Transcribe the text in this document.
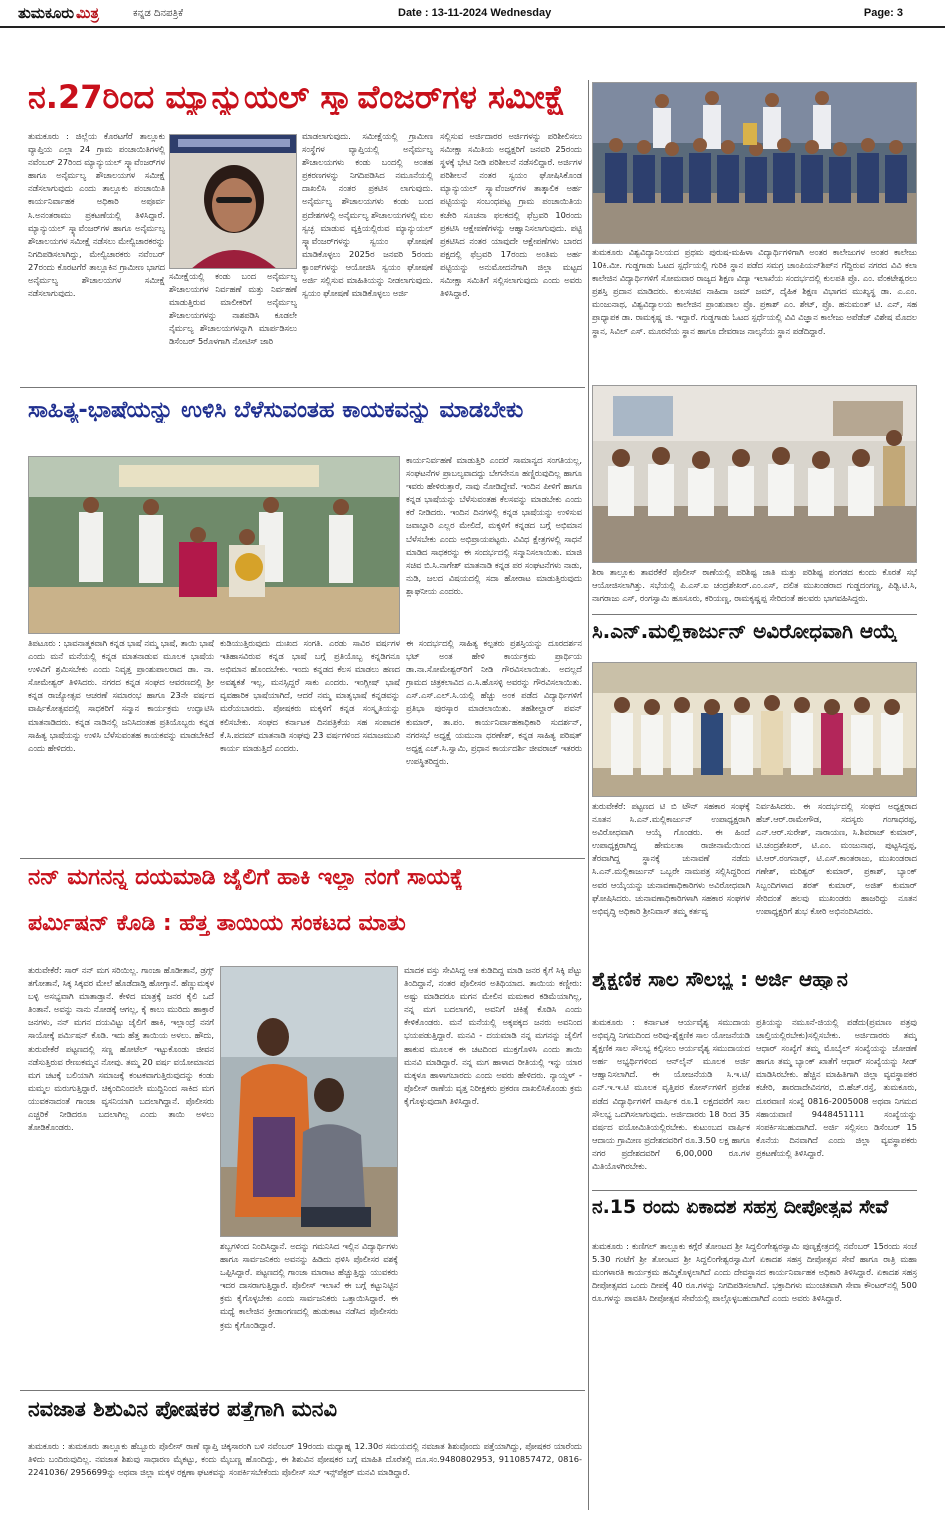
ತುಮಕೂರು ಮಿತ್ರ	ಕನ್ನಡ ದಿನಪತ್ರಿಕೆ	Date : 13-11-2024 Wednesday	Page: 3
ನ.27ರಿಂದ ಮ್ಯಾನ್ಯುಯಲ್ ಸ್ಕ್ಯಾವೆಂಜರ್‌ಗಳ ಸಮೀಕ್ಷೆ
ತುಮಕೂರು : ಜಿಲ್ಲೆಯ ಕೊರಟಗೆರೆ ತಾಲ್ಲೂಕು ವ್ಯಾಪ್ತಿಯ ಎಲ್ಲಾ 24 ಗ್ರಾಮ ಪಂಚಾಯಿತಿಗಳಲ್ಲಿ ನವೆಂಬರ್ 27ರಿಂದ ಮ್ಯಾನ್ಯುಯಲ್ ಸ್ಕ್ಯಾವೆಂಜರ್‌ಗಳ ಹಾಗೂ ಅನೈರ್ಮಲ್ಯ ಶೌಚಾಲಯಗಳ ಸಮೀಕ್ಷೆ ನಡೆಸಲಾಗುವುದು ಎಂದು ತಾಲ್ಲೂಕು ಪಂಚಾಯಿತಿ ಕಾರ್ಯನಿರ್ವಾಹಕ ಅಧಿಕಾರಿ ಅಪೂರ್ವ ಸಿ.ಅನಂತರಾಮು ಪ್ರಕಟಣೆಯಲ್ಲಿ ತಿಳಿಸಿದ್ದಾರೆ. ಮ್ಯಾನ್ಯುಯಲ್ ಸ್ಕ್ಯಾವೆಂಜರ್‌ಗಳ ಹಾಗೂ ಅನೈರ್ಮಲ್ಯ ಶೌಚಾಲಯಗಳ ಸಮೀಕ್ಷೆ ನಡೆಸಲು ಮೇಲ್ವಿಚಾರಕರನ್ನು ನಿಗದಿಪಡಿಸಲಾಗಿದ್ದು, ಮೇಲ್ವಿಚಾರಕರು ನವೆಂಬರ್ 27ರಂದು ಕೊರಟಗೆರೆ ತಾಲ್ಲೂಕಿನ ಗ್ರಾಮೀಣ ಭಾಗದ ಅನೈರ್ಮಲ್ಯ ಶೌಚಾಲಯಗಳ ಸಮೀಕ್ಷೆ ನಡೆಸಲಾಗುವುದು.
ಸಮೀಕ್ಷೆಯಲ್ಲಿ ಕಂಡು ಬಂದ ಅನೈರ್ಮಲ್ಯ ಶೌಚಾಲಯಗಳ ನಿರ್ವಹಣೆ ಮತ್ತು ನಿರ್ವಹಣೆ ಮಾಡುತ್ತಿರುವ ಮಾಲೀಕರಿಗೆ ಅನೈರ್ಮಲ್ಯ ಶೌಚಾಲಯಗಳನ್ನು ನಾಶಪಡಿಸಿ ಕೂಡಲೇ ನೈರ್ಮಲ್ಯ ಶೌಚಾಲಯಗಳನ್ನಾಗಿ ಮಾರ್ಪಡಿಸಲು ಡಿಸೆಂಬರ್ 5ರೊಳಗಾಗಿ ನೋಟಿಸ್ ಜಾರಿ
ಮಾಡಲಾಗುವುದು. ಸಮೀಕ್ಷೆಯಲ್ಲಿ ಗ್ರಾಮೀಣ ಸಂಸ್ಥೆಗಳ ವ್ಯಾಪ್ತಿಯಲ್ಲಿ ಅನೈರ್ಮಲ್ಯ ಶೌಚಾಲಯಗಳು ಕಂಡು ಬಂದಲ್ಲಿ ಅಂತಹ ಪ್ರಕರಣಗಳನ್ನು ನಿಗದಿಪಡಿಸಿದ ನಮೂನೆಯಲ್ಲಿ ದಾಖಲಿಸಿ ನಂತರ ಪ್ರಕಟಿಸ ಲಾಗುವುದು. ಅನೈರ್ಮಲ್ಯ ಶೌಚಾಲಯಗಳು ಕಂಡು ಬಂದ ಪ್ರದೇಶಗಳಲ್ಲಿ ಅನೈರ್ಮಲ್ಯ ಶೌಚಾಲಯಗಳಲ್ಲಿ ಮಲ ಸ್ವಚ್ಛ ಮಾಡುವ ವ್ಯಕ್ತಿಯಲ್ಲಿರುವ ಮ್ಯಾನ್ಯುಯಲ್ ಸ್ಕ್ಯಾವೆಂಜರ್‌ಗಳನ್ನು ಸ್ವಯಂ ಘೋಷಣೆ ಮಾಡಿಕೊಳ್ಳಲು 2025ರ ಜನವರಿ 5ರಂದು ಕ್ಯಾಂಪ್‌ಗಳನ್ನು ಆಯೋಜಿಸಿ ಸ್ವಯಂ ಘೋಷಣೆ ಅರ್ಜಿ ಸಲ್ಲಿಸುವ ಮಾಹಿತಿಯನ್ನು ನೀಡಲಾಗುವುದು. ಸ್ವಯಂ ಘೋಷಣೆ ಮಾಡಿಕೊಳ್ಳಲು ಅರ್ಜಿ
ಸಲ್ಲಿಸುವ ಅರ್ಜಿದಾರರ ಅರ್ಜಿಗಳನ್ನು ಪರಿಶೀಲಿಸಲು ಸಮೀಕ್ಷಾ ಸಮಿತಿಯ ಅಧ್ಯಕ್ಷರಿಗೆ ಜನವರಿ 25ರಂದು ಸ್ಥಳಕ್ಕೆ ಭೇಟಿ ನೀಡಿ ಪರಿಶೀಲನೆ ನಡೆಸಲಿದ್ದಾರೆ. ಅರ್ಜಿಗಳ ಪರಿಶೀಲನೆ ನಂತರ ಸ್ವಯಂ ಘೋಷಿಸಿಕೊಂಡ ಮ್ಯಾನ್ಯುಯಲ್ ಸ್ಕ್ಯಾವೆಂಜರ್‌ಗಳ ತಾತ್ಕಾಲಿಕ ಅರ್ಹ ಪಟ್ಟಿಯನ್ನು ಸಂಬಂಧಪಟ್ಟ ಗ್ರಾಮ ಪಂಚಾಯಿತಿಯ ಕಚೇರಿ ಸೂಚನಾ ಫಲಕದಲ್ಲಿ ಫೆಬ್ರವರಿ 10ರಂದು ಪ್ರಕಟಿಸಿ ಆಕ್ಷೇಪಣೆಗಳನ್ನು ಆಹ್ವಾನಿಸಲಾಗುವುದು. ಪಟ್ಟಿ ಪ್ರಕಟಿಸಿದ ನಂತರ ಯಾವುದೇ ಆಕ್ಷೇಪಣೆಗಳು ಬಾರದ ಪಕ್ಷದಲ್ಲಿ ಫೆಬ್ರವರಿ 17ರಂದು ಅಂತಿಮ ಅರ್ಹ ಪಟ್ಟಿಯನ್ನು ಅನುಮೋದನೆಗಾಗಿ ಜಿಲ್ಲಾ ಮಟ್ಟದ ಸಮೀಕ್ಷಾ ಸಮಿತಿಗೆ ಸಲ್ಲಿಸಲಾಗುವುದು ಎಂದು ಅವರು ತಿಳಿಸಿದ್ದಾರೆ.
ತುಮಕೂರು ವಿಶ್ವವಿದ್ಯಾನಿಲಯದ ಪ್ರಥಮ ಪುರುಷ-ಮಹಿಳಾ ವಿದ್ಯಾರ್ಥಿಗಳಿಗಾಗಿ ಅಂತರ ಕಾಲೇಜುಗಳ ಅಂತರ ಕಾಲೇಜು 10ಕಿ.ಮೀ. ಗುಡ್ಡಗಾಡು ಓಟದ ಸ್ಪರ್ಧೆಯಲ್ಲಿ ಗುರಿಕಿ ಸ್ಥಾನ ಪಡೆದ ಸಮಗ್ರ ಚಾಂಪಿಯನ್‌ಶಿಪ್‌ನ ಗೆದ್ದಿರುವ ನಗರದ ವಿವಿ ಕಲಾ ಕಾಲೇಜಿನ ವಿದ್ಯಾರ್ಥಿಗಳಿಗೆ ಸೋಮವಾರ ರಾಜ್ಯದ ಶಿಕ್ಷಣ ವಿದ್ಯಾ ಇಲಾಖೆಯ ಸಂದರ್ಭದಲ್ಲಿ ಕುಲಪತಿ ಪ್ರೊ. ಎಂ. ವೆಂಕಟೇಶ್ವರಲು ಪ್ರಶಸ್ತಿ ಪ್ರದಾನ ಮಾಡಿದರು. ಕುಲಸಚಿವ ನಾಹಿದಾ ಜಮ್ ಜಮ್, ದೈಹಿಕ ಶಿಕ್ಷಣ ವಿಭಾಗದ ಮುಖ್ಯಸ್ಥ ಡಾ. ಎ.ಎಂ. ಮಂಜುನಾಥ, ವಿಶ್ವವಿದ್ಯಾಲಯ ಕಾಲೇಜಿನ ಪ್ರಾಂಶುಪಾಲ ಪ್ರೊ. ಪ್ರಕಾಶ್ ಎಂ. ಶೇಟ್, ಪ್ರೊ. ಹನುಮಂತ್ ಟಿ. ಎನ್, ಸಹ ಪ್ರಾಧ್ಯಾಪಕ ಡಾ. ರಾಮಕೃಷ್ಣ ಜಿ. ಇದ್ದಾರೆ. ಗುಡ್ಡಗಾಡು ಓಟದ ಸ್ಪರ್ಧೆಯಲ್ಲಿ ವಿವಿ ವಿಜ್ಞಾನ ಕಾಲೇಜು ಅಪೆಡೆಜ್ ವಿಶೇಷ ಮೊದಲ ಸ್ಥಾನ, ಸಿವಿಲ್ ಎಸ್. ಮೂರನೆಯ ಸ್ಥಾನ ಹಾಗೂ ದೇವರಾಜ ನಾಲ್ಕನೆಯ ಸ್ಥಾನ ಪಡೆದಿದ್ದಾರೆ.
ಸಾಹಿತ್ಯ-ಭಾಷೆಯನ್ನು ಉಳಿಸಿ ಬೆಳೆಸುವಂತಹ ಕಾಯಕವನ್ನು ಮಾಡಬೇಕು
ಕಾರ್ಯನಿರ್ವಹಣೆ ಮಾಡುತ್ತಿರಿ ಎಂದರೆ ಸಾಮಾನ್ಯದ ಸಂಗತಿಯಲ್ಲ, ಸಂಘಟನೆಗಳ ಪ್ರಾಬಲ್ಯವಾದದ್ದು ಬೇಗನೇನೂ ಹಣ್ಣಿರುವುದಿಲ್ಲ ಹಾಗೂ ಇವರು ಹೇಳಿರುತ್ತಾರೆ, ನಾವು ನೋಡಿದ್ದೇವೆ. ಇಂದಿನ ಪೀಳಿಗೆ ಹಾಗೂ ಕನ್ನಡ ಭಾಷೆಯನ್ನು ಬೆಳೆಸುವಂತಹ ಕೆಲಸವನ್ನು ಮಾಡಬೇಕು ಎಂದು ಕರೆ ನೀಡಿದರು. ಇಂದಿನ ದಿನಗಳಲ್ಲಿ ಕನ್ನಡ ಭಾಷೆಯನ್ನು ಉಳಿಸುವ ಜವಾಬ್ದಾರಿ ಎಲ್ಲರ ಮೇಲಿದೆ, ಮಕ್ಕಳಿಗೆ ಕನ್ನಡದ ಬಗ್ಗೆ ಅಭಿಮಾನ ಬೆಳೆಸಬೇಕು ಎಂದು ಅಭಿಪ್ರಾಯಪಟ್ಟರು. ವಿವಿಧ ಕ್ಷೇತ್ರಗಳಲ್ಲಿ ಸಾಧನೆ ಮಾಡಿದ ಸಾಧಕರನ್ನು ಈ ಸಂದರ್ಭದಲ್ಲಿ ಸನ್ಮಾನಿಸಲಾಯಿತು. ಮಾಜಿ ಸಚಿವ ಬಿ.ಸಿ.ನಾಗೇಶ್ ಮಾತನಾಡಿ ಕನ್ನಡ ಪರ ಸಂಘಟನೆಗಳು ನಾಡು, ನುಡಿ, ಜಲದ ವಿಷಯದಲ್ಲಿ ಸದಾ ಹೋರಾಟ ಮಾಡುತ್ತಿರುವುದು ಶ್ಲಾಘನೀಯ ಎಂದರು.
ತಿಪಟೂರು : ಭಾವನಾತ್ಮಕವಾಗಿ ಕನ್ನಡ ಭಾಷೆ ನಮ್ಮ ಭಾಷೆ, ತಾಯಿ ಭಾಷೆ ಎಂದು ಮನೆ ಮನೆಯಲ್ಲಿ ಕನ್ನಡ ಮಾತನಾಡುವ ಮೂಲಕ ಭಾಷೆಯ ಉಳಿವಿಗೆ ಶ್ರಮಿಸಬೇಕು ಎಂದು ನಿವೃತ್ತ ಪ್ರಾಂಶುಪಾಲರಾದ ಡಾ. ನಾ. ಸೋಮೇಶ್ವರ್ ತಿಳಿಸಿದರು. ನಗರದ ಕನ್ನಡ ಸಂಘದ ಆವರಣದಲ್ಲಿ ಶ್ರೀ ಕನ್ನಡ ರಾಜ್ಯೋತ್ಸವ ಆಚರಣೆ ಸಮಾರಂಭ ಹಾಗೂ 23ನೇ ವರ್ಷದ ವಾರ್ಷಿಕೋತ್ಸವದಲ್ಲಿ ಸಾಧಕರಿಗೆ ಸನ್ಮಾನ ಕಾರ್ಯಕ್ರಮ ಉದ್ಘಾಟಿಸಿ ಮಾತನಾಡಿದರು. ಕನ್ನಡ ನಾಡಿನಲ್ಲಿ ಜನಿಸಿದಂತಹ ಪ್ರತಿಯೊಬ್ಬರು ಕನ್ನಡ ಸಾಹಿತ್ಯ ಭಾಷೆಯನ್ನು ಉಳಿಸಿ ಬೆಳೆಸುವಂತಹ ಕಾಯಕವನ್ನು ಮಾಡಬೇಕಿದೆ ಎಂದು ಹೇಳಿದರು.
ಕುಡಿಯುತ್ತಿರುವುದು ದುಃಖದ ಸಂಗತಿ. ಎರಡು ಸಾವಿರ ವರ್ಷಗಳ ಇತಿಹಾಸವಿರುವ ಕನ್ನಡ ಭಾಷೆ ಬಗ್ಗೆ ಪ್ರತಿಯೊಬ್ಬ ಕನ್ನಡಿಗನೂ ಅಭಿಮಾನ ಹೊಂದಬೇಕು. ಇಂದು ಕನ್ನಡದ ಕೆಲಸ ಮಾಡಲು ಹಣದ ಅವಶ್ಯಕತೆ ಇಲ್ಲ, ಮನಸ್ಸಿದ್ದರೆ ಸಾಕು ಎಂದರು. ಇಂಗ್ಲೀಷ್ ಭಾಷೆ ವ್ಯವಹಾರಿಕ ಭಾಷೆಯಾಗಿದೆ, ಆದರೆ ನಮ್ಮ ಮಾತೃಭಾಷೆ ಕನ್ನಡವನ್ನು ಮರೆಯಬಾರದು. ಪೋಷಕರು ಮಕ್ಕಳಿಗೆ ಕನ್ನಡ ಸಂಸ್ಕೃತಿಯನ್ನು ಕಲಿಸಬೇಕು. ಸಂಘದ ಕರ್ನಾಟಕ ದಿನಪತ್ರಿಕೆಯ ಸಹ ಸಂಪಾದಕ ಕೆ.ಸಿ.ಪದಮ್ ಮಾತನಾಡಿ ಸಂಘವು 23 ವರ್ಷಗಳಿಂದ ಸಮಾಜಮುಖಿ ಕಾರ್ಯ ಮಾಡುತ್ತಿದೆ ಎಂದರು.
ಈ ಸಂದರ್ಭದಲ್ಲಿ ಸಾಹಿತ್ಯ ಕಲ್ಪತರು ಪ್ರಶಸ್ತಿಯನ್ನು ದೂರದರ್ಶನ ಭಟ್ ಅಂತ ಹೇಳಿ ಕಾರ್ಯಕ್ರಮ ಪ್ರಾರ್ಥಿಯ ಡಾ.ನಾ.ಸೋಮೇಶ್ವರ್‌ರಿಗೆ ನೀಡಿ ಗೌರವಿಸಲಾಯಿತು. ಅದಲ್ಲದೆ ಗ್ರಾಮದ ಚಿತ್ರಕಲಾವಿದ ಎ.ಸಿ.ಹೊಸಳ್ಳಿ ಅವರನ್ನು ಗೌರವಿಸಲಾಯಿತು. ಎಸ್.ಎಸ್.ಎಲ್.ಸಿ.ಯಲ್ಲಿ ಹೆಚ್ಚು ಅಂಕ ಪಡೆದ ವಿದ್ಯಾರ್ಥಿಗಳಿಗೆ ಪ್ರತಿಭಾ ಪುರಸ್ಕಾರ ಮಾಡಲಾಯಿತು. ತಹಶೀಲ್ದಾರ್ ಪವನ್ ಕುಮಾರ್, ತಾ.ಪಂ. ಕಾರ್ಯನಿರ್ವಾಹಕಾಧಿಕಾರಿ ಸುದರ್ಶನ್, ನಗರಸಭೆ ಅಧ್ಯಕ್ಷೆ ಯಮುನಾ ಧರಣೇಶ್, ಕನ್ನಡ ಸಾಹಿತ್ಯ ಪರಿಷತ್ ಅಧ್ಯಕ್ಷ ಎಚ್.ಸಿ.ಸ್ವಾಮಿ, ಪ್ರಧಾನ ಕಾರ್ಯದರ್ಶಿ ಜೀವರಾಜ್ ಇತರರು ಉಪಸ್ಥಿತರಿದ್ದರು.
ಶಿರಾ ತಾಲ್ಲೂಕು ತಾವರೆಕೆರೆ ಪೊಲೀಸ್ ಠಾಣೆಯಲ್ಲಿ ಪರಿಶಿಷ್ಟ ಜಾತಿ ಮತ್ತು ಪರಿಶಿಷ್ಟ ಪಂಗಡದ ಕುಂದು ಕೊರತೆ ಸಭೆ ಆಯೋಜಿಸಲಾಗಿತ್ತು. ಸಭೆಯಲ್ಲಿ ಪಿ.ಎಸ್.ಐ ಚಂದ್ರಶೇಖರ್.ಎಂ.ಎಸ್, ದಲಿತ ಮುಖಂಡರಾದ ಗುಡ್ಡದಂಗಣ್ಣ, ಪಿಡ್ಟಿ.ಟಿ.ಸಿ, ನಾಗರಾಜು ಎಸ್, ರಂಗಸ್ವಾಮಿ ಹೂಸೂರು, ಕರಿಯಣ್ಣ, ರಾಮಕೃಷ್ಣಪ್ಪ ಸೇರಿದಂತೆ ಹಲವರು ಭಾಗವಹಿಸಿದ್ದರು.
ಸಿ.ಎನ್.ಮಲ್ಲಿಕಾರ್ಜುನ್ ಅವಿರೋಧವಾಗಿ ಆಯ್ಕೆ
ತುರುವೇಕೆರೆ: ಪಟ್ಟಣದ ಟಿ ಬಿ ಟೌನ್ ಸಹಕಾರ ಸಂಘಕ್ಕೆ ನೂತನ ಸಿ.ಎನ್.ಮಲ್ಲಿಕಾರ್ಜುನ್ ಉಪಾಧ್ಯಕ್ಷರಾಗಿ ಅವಿರೋಧವಾಗಿ ಆಯ್ಕೆ ಗೊಂಡರು. ಈ ಹಿಂದೆ ಉಪಾಧ್ಯಕ್ಷರಾಗಿದ್ದ ಹೇಮಲತಾ ರಾಜೀನಾಮೆಯಿಂದ ತೆರವಾಗಿದ್ದ ಸ್ಥಾನಕ್ಕೆ ಚುನಾವಣೆ ನಡೆದು ಸಿ.ಎನ್.ಮಲ್ಲಿಕಾರ್ಜುನ್ ಒಬ್ಬರೇ ನಾಮಪತ್ರ ಸಲ್ಲಿಸಿದ್ದರಿಂದ ಅವರ ಆಯ್ಕೆಯನ್ನು ಚುನಾವಣಾಧಿಕಾರಿಗಳು ಅವಿರೋಧವಾಗಿ ಘೋಷಿಸಿದರು. ಚುನಾವಣಾಧಿಕಾರಿಗಳಾಗಿ ಸಹಕಾರ ಸಂಘಗಳ ಅಭಿವೃದ್ಧಿ ಅಧಿಕಾರಿ ಶ್ರೀನಿವಾಸ್ ತಮ್ಮ ಕರ್ತವ್ಯ
ನಿರ್ವಹಿಸಿದರು. ಈ ಸಂದರ್ಭದಲ್ಲಿ ಸಂಘದ ಅಧ್ಯಕ್ಷರಾದ ಹೆಚ್.ಆರ್.ರಾಮೇಗೌಡ, ಸದಸ್ಯರು ಗಂಗಾಧರಪ್ಪ, ಎನ್.ಆರ್.ಸುರೇಶ್, ನಾರಾಯಣ, ಸಿ.ಶಿವರಾಜ್ ಕುಮಾರ್, ಟಿ.ಚಂದ್ರಶೇಖರ್, ಟಿ.ಎಂ. ಮಂಜುನಾಥ, ಪುಟ್ಟಸಿದ್ದಪ್ಪ, ಟಿ.ಆರ್.ರಂಗನಾಥ್, ಟಿ.ಎಸ್.ಕಾಂತರಾಜು, ಮುಖಂಡರಾದ ಗಣೇಶ್, ಮರಿಶ್ವರ್ ಕುಮಾರ್, ಪ್ರಕಾಶ್, ಬ್ಯಾಂಕ್ ಸಿಬ್ಬಂದಿಗಳಾದ ಶರತ್ ಕುಮಾರ್, ಅಜಿತ್ ಕುಮಾರ್ ಸೇರಿದಂತೆ ಹಲವು ಮುಖಂಡರು ಹಾಜರಿದ್ದು ನೂತನ ಉಪಾಧ್ಯಕ್ಷರಿಗೆ ಶುಭ ಕೋರಿ ಅಭಿನಂದಿಸಿದರು.
ನನ್ ಮಗನನ್ನ ದಯಮಾಡಿ ಜೈಲಿಗೆ ಹಾಕಿ ಇಲ್ಲಾ ನಂಗೆ ಸಾಯಕ್ಕೆ
ಪರ್ಮಿಷನ್ ಕೊಡಿ : ಹೆತ್ತ ತಾಯಿಯ ಸಂಕಟದ ಮಾತು
ತುರುವೇಕೆರೆ: ಸಾರ್ ನನ್ ಮಗ ಸರಿಯಿಲ್ಲ. ಗಾಂಜಾ ಹೊಡೀತಾನೆ, ಡ್ರಗ್ಸ್ ತಗೋತಾನೆ, ಸಿಕ್ಕ ಸಿಕ್ಕವರ ಮೇಲೆ ಹೊಡೆದಾಡ್ತಿ ಹೋಗ್ತಾನೆ. ಹೆಣ್ಣುಮಕ್ಕಳ ಬಳ್ಳಿ ಅಸಭ್ಯವಾಗಿ ಮಾತಾಡ್ತಾನೆ. ಕೇಳಿದ ಮಾತ್ರಕ್ಕೆ ಜನರ ಕೈಲಿ ಒದೆ ತಿಂತಾನೆ. ಅವನ್ನು ನಾನು ನೋಡಕ್ಕೆ ಆಗಲ್ಲ, ಕೈ ಕಾಲು ಮುರಿದು ಹಾಕ್ತಾರೆ ಜನಗಳು, ನನ್ ಮಗನ ದಯವಿಟ್ಟು ಜೈಲಿಗೆ ಹಾಕಿ, ಇಲ್ಲಾಂದ್ರೆ ನನಗೆ ಸಾಯೋಕ್ಕೆ ಪರ್ಮಿಷನ್ ಕೊಡಿ. ಇದು ಹೆತ್ತ ತಾಯಿಯ ಅಳಲು. ಹೌದು, ತುರುವೇಕೆರೆ ಪಟ್ಟಣದಲ್ಲಿ ಸಣ್ಣ ಹೋಟೆಲ್ ಇಟ್ಟುಕೊಂಡು ಜೀವನ ನಡೆಸುತ್ತಿರುವ ರೇಣುಕಮ್ಮನ ನೋವು. ತಮ್ಮ 20 ವರ್ಷ ವಯೋಮಾನದ ಮಗ ಚಟಕ್ಕೆ ಬಲಿಯಾಗಿ ಸಮಾಜಕ್ಕೆ ಕಂಟಕವಾಗುತ್ತಿರುವುದನ್ನು ಕಂಡು ಮಮ್ಮಲ ಮರುಗುತ್ತಿದ್ದಾರೆ. ಚಿಕ್ಕಂದಿನಿಂದಲೇ ಮುದ್ದಿನಿಂದ ಸಾಕಿದ ಮಗ ಯುವಕನಾದಂತೆ ಗಾಂಜಾ ವ್ಯಸನಿಯಾಗಿ ಬದಲಾಗಿದ್ದಾನೆ. ಪೊಲೀಸರು ಎಚ್ಚರಿಕೆ ನೀಡಿದರೂ ಬದಲಾಗಿಲ್ಲ ಎಂದು ತಾಯಿ ಅಳಲು ತೋಡಿಕೊಂಡರು.
ಮಾದಕ ವಸ್ತು ಸೇವಿಸಿದ್ದ ಆತ ಕುಡಿದಿದ್ದ ಮಾಡಿ ಜನರ ಕೈಗೆ ಸಿಕ್ಕಿ ಪೆಟ್ಟು ತಿಂದಿದ್ದಾನೆ, ನಂತರ ಪೊಲೀಸರ ಅತಿಥಿಯಾದ. ತಾಯಿಯ ಕಣ್ಣೀರು: ಅಷ್ಟು ಮಾಡಿದರೂ ಮಗನ ಮೇಲಿನ ಮಮಕಾರ ಕಡಿಮೆಯಾಗಿಲ್ಲ, ನನ್ನ ಮಗ ಬದಲಾಗಲಿ, ಅವನಿಗೆ ಚಿಕಿತ್ಸೆ ಕೊಡಿಸಿ ಎಂದು ಕೇಳಿಕೊಂಡರು. ಮನೆ ಮನೆಯಲ್ಲಿ ಅಕ್ಕಪಕ್ಕದ ಜನರು ಅವನಿಂದ ಭಯಪಡುತ್ತಿದ್ದಾರೆ. ಮನವಿ - ದಯಮಾಡಿ ನನ್ನ ಮಗನನ್ನು ಜೈಲಿಗೆ ಹಾಕುವ ಮೂಲಕ ಈ ಚಟದಿಂದ ಮುಕ್ತಗೊಳಿಸಿ ಎಂದು ತಾಯಿ ಮನವಿ ಮಾಡಿದ್ದಾರೆ. ನನ್ನ ಮಗ ಹಾಳಾದ ರೀತಿಯಲ್ಲಿ ಇನ್ನು ಯಾರ ಮಕ್ಕಳೂ ಹಾಳಾಗಬಾರದು ಎಂದು ಅವರು ಹೇಳಿದರು. ನ್ಯಾಯ್ದಳ್ - ಪೊಲೀಸ್ ಠಾಣೆಯ ವೃತ್ತ ನಿರೀಕ್ಷಕರು ಪ್ರಕರಣ ದಾಖಲಿಸಿಕೊಂಡು ಕ್ರಮ ಕೈಗೊಳ್ಳುವುದಾಗಿ ತಿಳಿಸಿದ್ದಾರೆ.
ಶಬ್ಬಗಳಿಂದ ನಿಂದಿಸಿದ್ದಾನೆ. ಅದನ್ನು ಗಮನಿಸಿದ ಇಲ್ಲಿನ ವಿದ್ಯಾರ್ಥಿಗಳು ಹಾಗೂ ಸಾರ್ವಜನಿಕರು ಅವನನ್ನು ಹಿಡಿದು ಥಳಿಸಿ ಪೊಲೀಸರ ವಶಕ್ಕೆ ಒಪ್ಪಿಸಿದ್ದಾರೆ. ಪಟ್ಟಣದಲ್ಲಿ ಗಾಂಜಾ ಮಾರಾಟ ಹೆಚ್ಚುತ್ತಿದ್ದು ಯುವಕರು ಇದರ ದಾಸರಾಗುತ್ತಿದ್ದಾರೆ. ಪೊಲೀಸ್ ಇಲಾಖೆ ಈ ಬಗ್ಗೆ ಕಟ್ಟುನಿಟ್ಟಿನ ಕ್ರಮ ಕೈಗೊಳ್ಳಬೇಕು ಎಂದು ಸಾರ್ವಜನಿಕರು ಒತ್ತಾಯಿಸಿದ್ದಾರೆ. ಈ ಮಧ್ಯೆ ಕಾಲೇಜಿನ ಕ್ರೀಡಾಂಗಣದಲ್ಲಿ ಹುಡುಕಾಟ ನಡೆಸಿದ ಪೊಲೀಸರು ಕ್ರಮ ಕೈಗೊಂಡಿದ್ದಾರೆ.
ಶೈಕ್ಷಣಿಕ ಸಾಲ ಸೌಲಭ್ಯ : ಅರ್ಜಿ ಆಹ್ವಾನ
ತುಮಕೂರು : ಕರ್ನಾಟಕ ಆರ್ಯವೈಶ್ಯ ಸಮುದಾಯ ಅಭಿವೃದ್ಧಿ ನಿಗಮದಿಂದ ಅರಿವು-ಶೈಕ್ಷಣಿಕ ಸಾಲ ಯೋಜನೆಯಡಿ ಶೈಕ್ಷಣಿಕ ಸಾಲ ಸೌಲಭ್ಯ ಕಲ್ಪಿಸಲು ಆರ್ಯವೈಶ್ಯ ಸಮುದಾಯದ ಅರ್ಹ ಅಭ್ಯರ್ಥಿಗಳಿಂದ ಆನ್‌ಲೈನ್ ಮೂಲಕ ಅರ್ಜಿ ಆಹ್ವಾನಿಸಲಾಗಿದೆ. ಈ ಯೋಜನೆಯಡಿ ಸಿ.ಇ.ಟಿ/ಎನ್.ಇ.ಇ.ಟಿ ಮೂಲಕ ವೃತ್ತಿಪರ ಕೋರ್ಸ್‌ಗಳಿಗೆ ಪ್ರವೇಶ ಪಡೆದ ವಿದ್ಯಾರ್ಥಿಗಳಿಗೆ ವಾರ್ಷಿಕ ರೂ.1 ಲಕ್ಷದವರೆಗೆ ಸಾಲ ಸೌಲಭ್ಯ ಒದಗಿಸಲಾಗುವುದು. ಅರ್ಜಿದಾರರು 18 ರಿಂದ 35 ವರ್ಷದ ವಯೋಮಿತಿಯಲ್ಲಿರಬೇಕು. ಕುಟುಂಬದ ವಾರ್ಷಿಕ ಆದಾಯ ಗ್ರಾಮೀಣ ಪ್ರದೇಶದವರಿಗೆ ರೂ.3.50 ಲಕ್ಷ ಹಾಗೂ ನಗರ ಪ್ರದೇಶದವರಿಗೆ 6,00,000 ರೂ.ಗಳ ಮಿತಿಯೊಳಗಿರಬೇಕು.
ಪ್ರತಿಯನ್ನು ನಮೂನೆ-ಜಿಯಲ್ಲಿ ಪಡೆದು(ಪ್ರಮಾಣ ಪತ್ರವು ಚಾಲ್ತಿಯಲ್ಲಿರಬೇಕು)ಸಲ್ಲಿಸಬೇಕು. ಅರ್ಜಿದಾರರು ತಮ್ಮ ಆಧಾರ್ ಸಂಖ್ಯೆಗೆ ತಮ್ಮ ಮೊಬೈಲ್ ಸಂಖ್ಯೆಯನ್ನು ಜೋಡಣೆ ಹಾಗೂ ತಮ್ಮ ಬ್ಯಾಂಕ್ ಖಾತೆಗೆ ಆಧಾರ್ ಸಂಖ್ಯೆಯನ್ನು ಸೀಡ್ ಮಾಡಿಸಿರಬೇಕು. ಹೆಚ್ಚಿನ ಮಾಹಿತಿಗಾಗಿ ಜಿಲ್ಲಾ ವ್ಯವಸ್ಥಾಪಕರ ಕಚೇರಿ, ಶಾರದಾದೇವಿನಗರ, ಬಿ.ಹೆಚ್.ರಸ್ತೆ, ತುಮಕೂರು, ದೂರವಾಣಿ ಸಂಖ್ಯೆ 0816-2005008 ಅಥವಾ ನಿಗಮದ ಸಹಾಯವಾಣಿ 9448451111 ಸಂಖ್ಯೆಯನ್ನು ಸಂಪರ್ಕಿಸಬಹುದಾಗಿದೆ. ಅರ್ಜಿ ಸಲ್ಲಿಸಲು ಡಿಸೆಂಬರ್ 15 ಕೊನೆಯ ದಿನವಾಗಿದೆ ಎಂದು ಜಿಲ್ಲಾ ವ್ಯವಸ್ಥಾಪಕರು ಪ್ರಕಟಣೆಯಲ್ಲಿ ತಿಳಿಸಿದ್ದಾರೆ.
ನ.15 ರಂದು ಏಕಾದಶ ಸಹಸ್ರ ದೀಪೋತ್ಸವ ಸೇವೆ
ತುಮಕೂರು : ಕುಣಿಗಲ್ ತಾಲ್ಲೂಕು ಕಗ್ಗೆರೆ ತೋಂಟದ ಶ್ರೀ ಸಿದ್ದಲಿಂಗೇಶ್ವರಸ್ವಾಮಿ ಪುಣ್ಯಕ್ಷೇತ್ರದಲ್ಲಿ ನವೆಂಬರ್ 15ರಂದು ಸಂಜೆ 5.30 ಗಂಟೆಗೆ ಶ್ರೀ ತೋಂಟದ ಶ್ರೀ ಸಿದ್ದಲಿಂಗೇಶ್ವರಸ್ವಾಮಿಗೆ ಏಕಾದಶ ಸಹಸ್ರ ದೀಪೋತ್ಸವ ಸೇವೆ ಹಾಗೂ ರಾತ್ರಿ ಮಹಾ ಮಂಗಳಾರತಿ ಕಾರ್ಯಕ್ರಮ ಹಮ್ಮಿಕೊಳ್ಳಲಾಗಿದೆ ಎಂದು ದೇವಸ್ಥಾನದ ಕಾರ್ಯನಿರ್ವಾಹಕ ಅಧಿಕಾರಿ ತಿಳಿಸಿದ್ದಾರೆ. ಏಕಾದಶ ಸಹಸ್ರ ದೀಪೋತ್ಸವದ ಒಂದು ದೀಪಕ್ಕೆ 40 ರೂ.ಗಳನ್ನು ನಿಗದಿಪಡಿಸಲಾಗಿದೆ. ಭಕ್ತಾದಿಗಳು ಮುಂಚಿತವಾಗಿ ಸೇವಾ ಕೌಂಟರ್‌ನಲ್ಲಿ 500 ರೂ.ಗಳನ್ನು ಪಾವತಿಸಿ ದೀಪೋತ್ಸವ ಸೇವೆಯಲ್ಲಿ ಪಾಲ್ಗೊಳ್ಳಬಹುದಾಗಿದೆ ಎಂದು ಅವರು ತಿಳಿಸಿದ್ದಾರೆ.
ನವಜಾತ ಶಿಶುವಿನ ಪೋಷಕರ ಪತ್ತೆಗಾಗಿ ಮನವಿ
ತುಮಕೂರು : ತುಮಕೂರು ತಾಲ್ಲೂಕು ಹೆಬ್ಬೂರು ಪೊಲೀಸ್ ಠಾಣೆ ವ್ಯಾಪ್ತಿ ಚಿಕ್ಕಸಾರಂಗಿ ಬಳಿ ನವೆಂಬರ್ 19ರಂದು ಮಧ್ಯಾಹ್ನ 12.30ರ ಸಮಯದಲ್ಲಿ ನವಜಾತ ಶಿಶುವೊಂದು ಪತ್ತೆಯಾಗಿದ್ದು, ಪೋಷಕರ ಯಾರೆಂದು ತಿಳಿದು ಬಂದಿರುವುದಿಲ್ಲ. ನವಜಾತ ಶಿಶುವು ಸಾಧಾರಣ ಮೈಕಟ್ಟು, ಕಂದು ಮೈಬಣ್ಣ ಹೊಂದಿದ್ದು, ಈ ಶಿಶುವಿನ ಪೋಷಕರ ಬಗ್ಗೆ ಮಾಹಿತಿ ದೊರೆತಲ್ಲಿ ದೂ.ಸಂ.9480802953, 9110857472, 0816-2241036/ 2956699ನ್ನು ಅಥವಾ ಜಿಲ್ಲಾ ಮಕ್ಕಳ ರಕ್ಷಣಾ ಘಟಕವನ್ನು ಸಂಪರ್ಕಿಸಬೇಕೆಂದು ಪೊಲೀಸ್ ಸಬ್ ಇನ್ಸ್‌ಪೆಕ್ಟರ್ ಮನವಿ ಮಾಡಿದ್ದಾರೆ.
